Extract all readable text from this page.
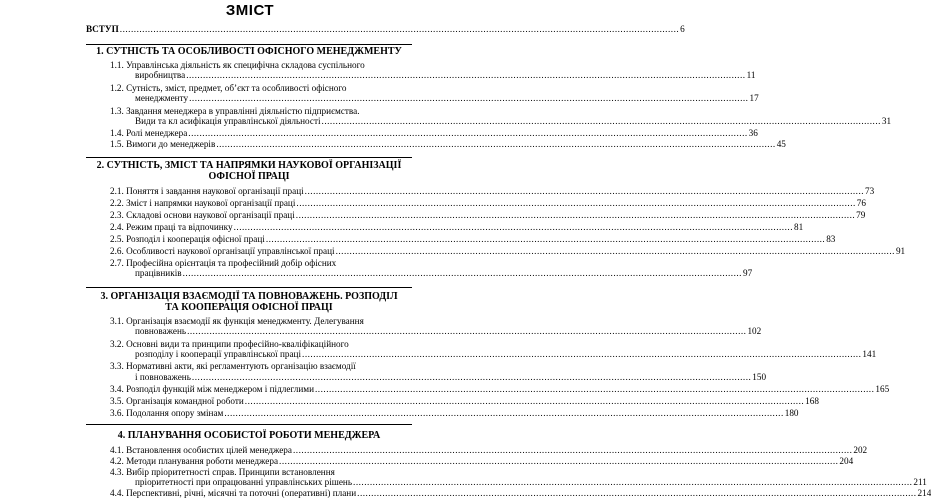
ЗМІСТ
ВСТУП .....	6
1. СУТНІСТЬ ТА ОСОБЛИВОСТІ ОФІСНОГО МЕНЕДЖМЕНТУ
1.1. Управлінська діяльність як специфічна складова суспільного
виробництва .....	11
1.2. Сутність, зміст, предмет, об’єкт та особливості офісного
менеджменту .....	17
1.3. Завдання менеджера в управлінні діяльністю підприємства.
Види та кл асифікація управлінської діяльності .....	31
1.4. Ролі менеджера .....	36
1.5. Вимоги до менеджерів .....	45
2. СУТНІСТЬ, ЗМІСТ ТА НАПРЯМКИ НАУКОВОЇ ОРГАНІЗАЦІЇ
ОФІСНОЇ ПРАЦІ
2.1. Поняття і завдання наукової організації праці .....	73
2.2. Зміст і напрямки наукової організації праці .....	76
2.3. Складові основи наукової організації праці .....	79
2.4. Режим праці та відпочинку .....	81
2.5. Розподіл і кооперація офісної праці .....	83
2.6. Особливості наукової організації управлінської праці .....	91
2.7. Професійна орієнтація та професійний добір офісних
працівників .....	97
3. ОРГАНІЗАЦІЯ ВЗАЄМОДІЇ ТА ПОВНОВАЖЕНЬ. РОЗПОДІЛ
ТА КООПЕРАЦІЯ ОФІСНОЇ ПРАЦІ
3.1. Організація взаємодії як функція менеджменту. Делегування
повноважень .....	102
3.2. Основні види та принципи професійно-кваліфікаційного
розподілу і кооперації управлінської праці .....	141
3.3. Нормативні акти, які регламентують організацію взаємодії
і повноважень .....	150
3.4. Розподіл функцій між менеджером і підлеглими .....	165
3.5. Організація командної роботи .....	168
3.6. Подолання опору змінам .....	180
4. ПЛАНУВАННЯ ОСОБИСТОЇ РОБОТИ МЕНЕДЖЕРА
4.1. Встановлення особистих цілей менеджера .....	202
4.2. Методи планування роботи менеджера .....	204
4.3. Вибір пріоритетності справ. Принципи встановлення
пріоритетності при опрацюванні управлінських рішень .....	211
4.4. Перспективні, річні, місячні та поточні (оперативні) плани .....	214
